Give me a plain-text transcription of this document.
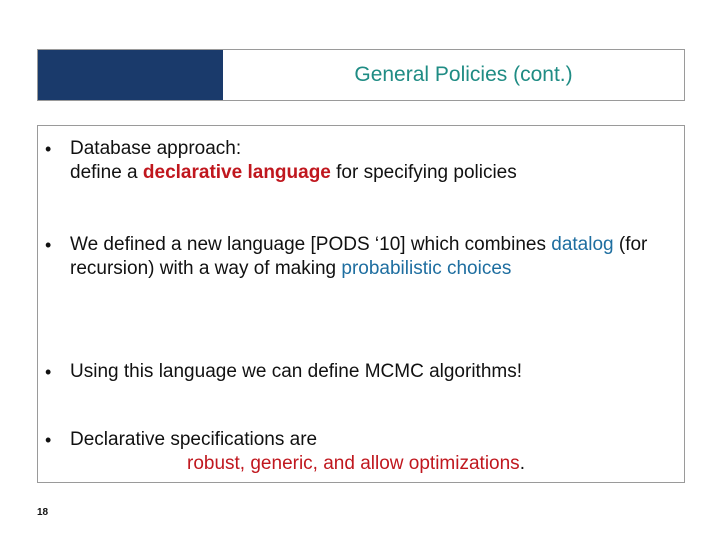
General Policies (cont.)
• Database approach:
define a declarative language for specifying policies
• We defined a new language [PODS ‘10] which combines datalog (for recursion) with a way of making probabilistic choices
• Using this language we can define MCMC algorithms!
• Declarative specifications are
robust, generic, and allow optimizations.
18
